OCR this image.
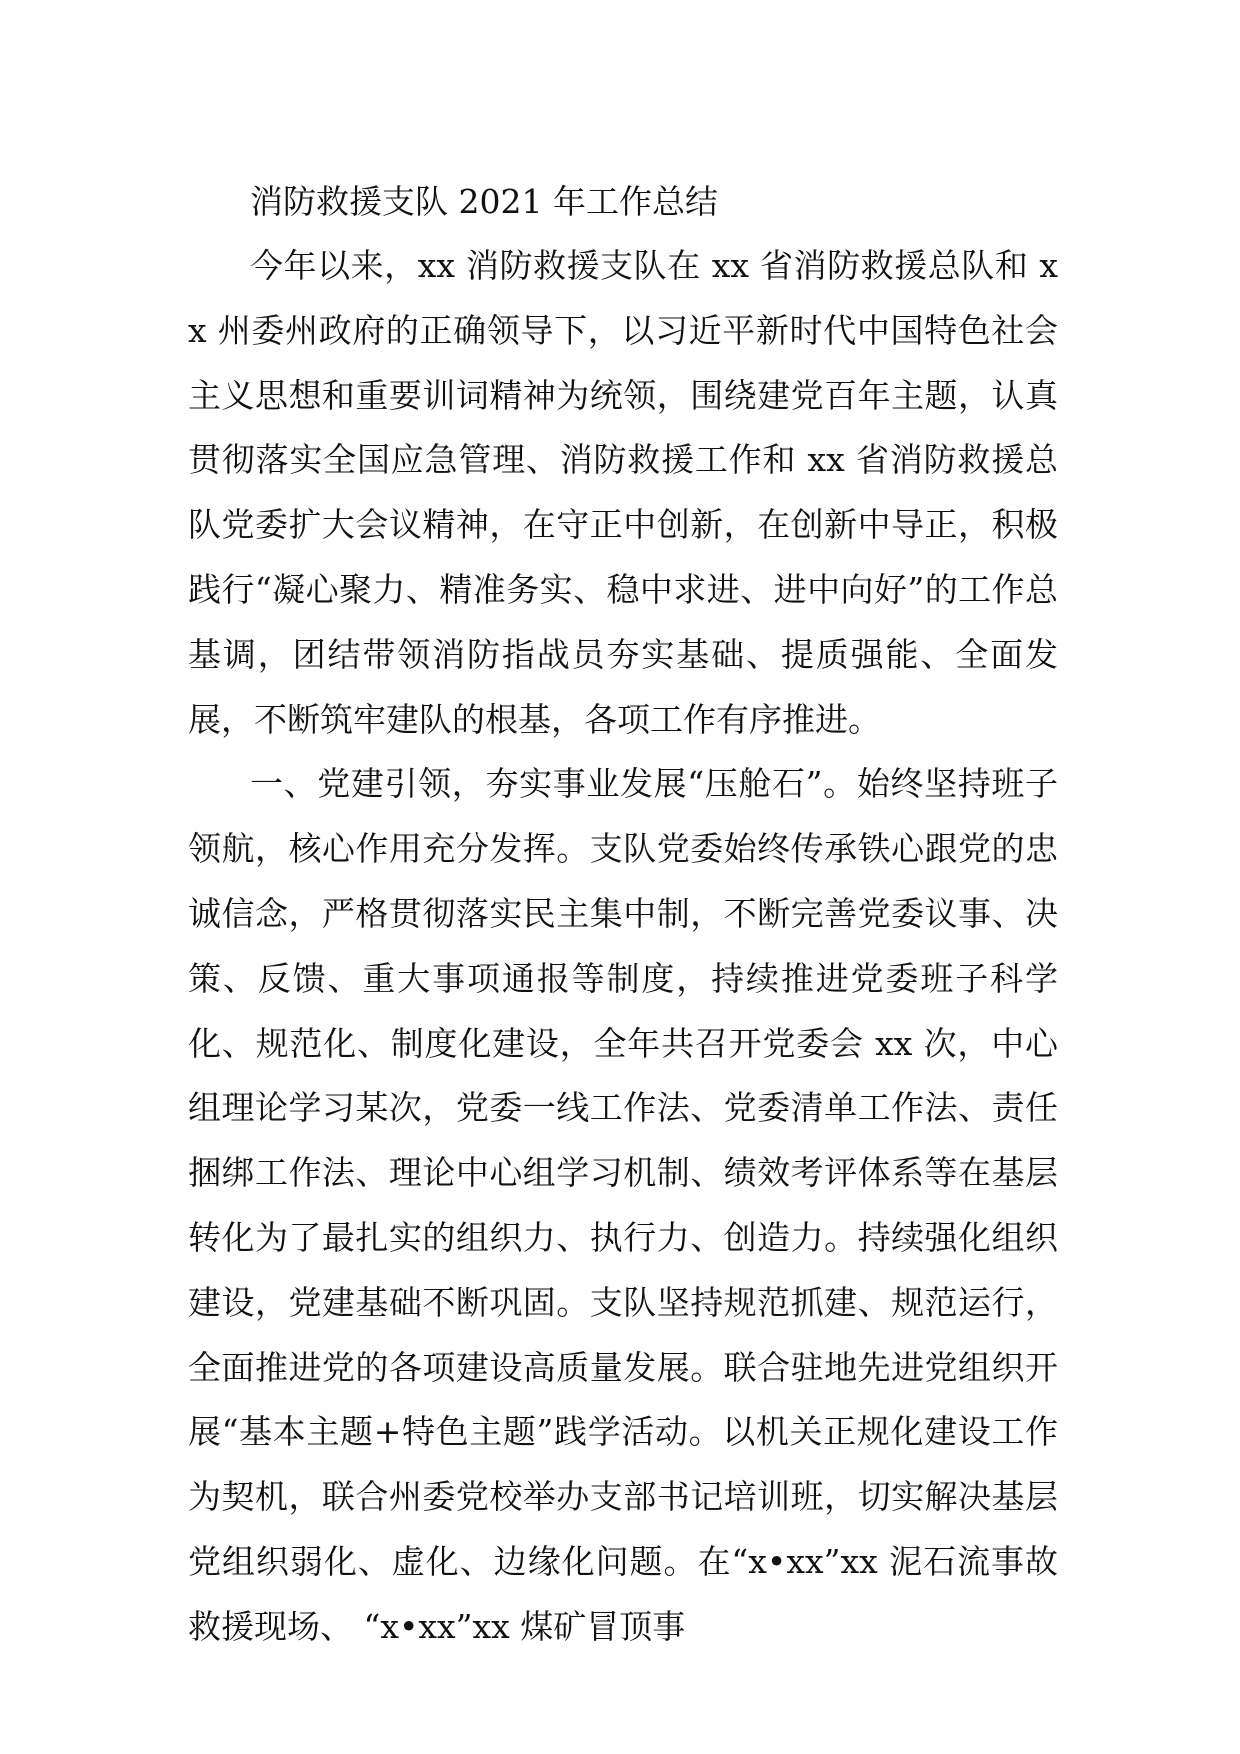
消防救援支队 2021 年工作总结

今年以来，xx 消防救援支队在 xx 省消防救援总队和 xx 州委州政府的正确领导下，以习近平新时代中国特色社会主义思想和重要训词精神为统领，围绕建党百年主题，认真贯彻落实全国应急管理、消防救援工作和 xx 省消防救援总队党委扩大会议精神，在守正中创新，在创新中导正，积极践行“凝心聚力、精准务实、稳中求进、进中向好”的工作总基调，团结带领消防指战员夯实基础、提质强能、全面发展，不断筑牢建队的根基，各项工作有序推进。

一、党建引领，夯实事业发展“压舱石”。始终坚持班子领航，核心作用充分发挥。支队党委始终传承铁心跟党的忠诚信念，严格贯彻落实民主集中制，不断完善党委议事、决策、反馈、重大事项通报等制度，持续推进党委班子科学化、规范化、制度化建设，全年共召开党委会 xx 次，中心组理论学习某次，党委一线工作法、党委清单工作法、责任捆绑工作法、理论中心组学习机制、绩效考评体系等在基层转化为了最扎实的组织力、执行力、创造力。持续强化组织建设，党建基础不断巩固。支队坚持规范抓建、规范运行，全面推进党的各项建设高质量发展。联合驻地先进党组织开展“基本主题+特色主题”践学活动。以机关正规化建设工作为契机，联合州委党校举办支部书记培训班，切实解决基层党组织弱化、虚化、边缘化问题。在“x•xx”xx 泥石流事故救援现场、 “x•xx”xx 煤矿冒顶事
